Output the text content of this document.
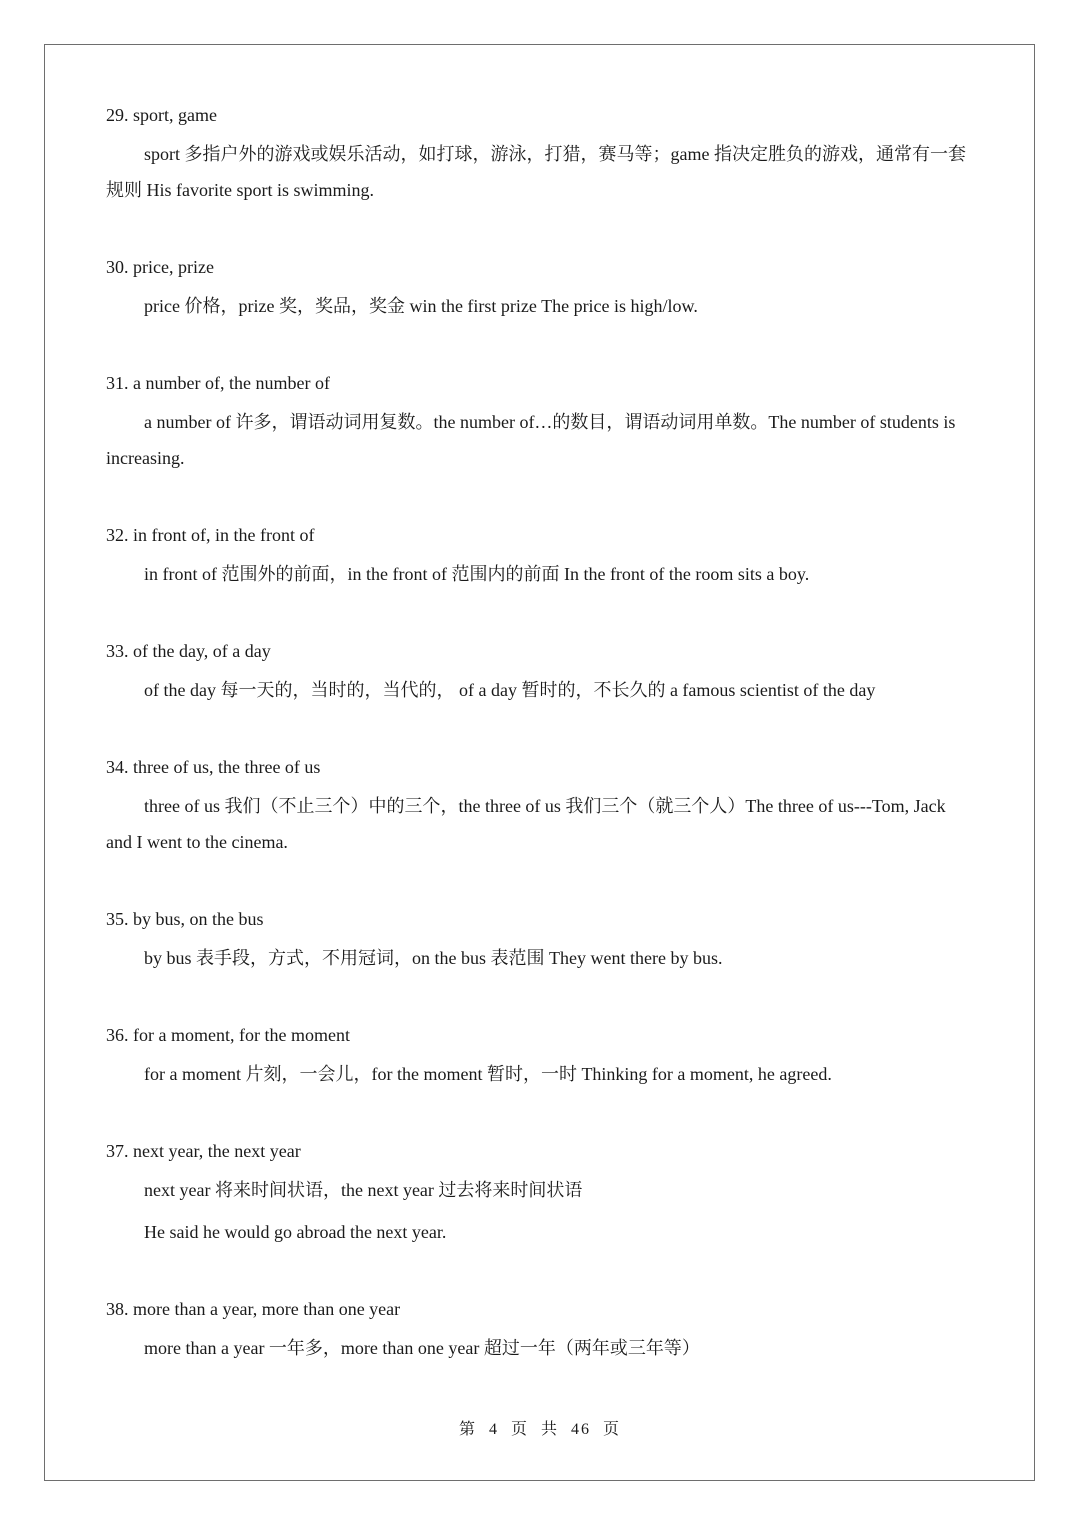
29. sport, game
sport 多指户外的游戏或娱乐活动，如打球，游泳，打猎，赛马等；game 指决定胜负的游戏，通常有一套规则 His favorite sport is swimming.
30. price, prize
price 价格，prize 奖，奖品，奖金 win the first prize The price is high/low.
31. a number of, the number of
a number of 许多，谓语动词用复数。the number of…的数目，谓语动词用单数。The number of students is increasing.
32. in front of, in the front of
in front of 范围外的前面，in the front of 范围内的前面 In the front of the room sits a boy.
33. of the day, of a day
of the day 每一天的，当时的，当代的， of a day 暂时的，不长久的 a famous scientist of the day
34. three of us, the three of us
three of us 我们（不止三个）中的三个，the three of us 我们三个（就三个人）The three of us---Tom, Jack and I went to the cinema.
35. by bus, on the bus
by bus 表手段，方式，不用冠词，on the bus 表范围 They went there by bus.
36. for a moment, for the moment
for a moment 片刻，一会儿，for the moment 暂时，一时 Thinking for a moment, he agreed.
37. next year, the next year
next year 将来时间状语，the next year 过去将来时间状语
He said he would go abroad the next year.
38. more than a year, more than one year
more than a year 一年多，more than one year 超过一年（两年或三年等）
第 4 页 共 46 页
